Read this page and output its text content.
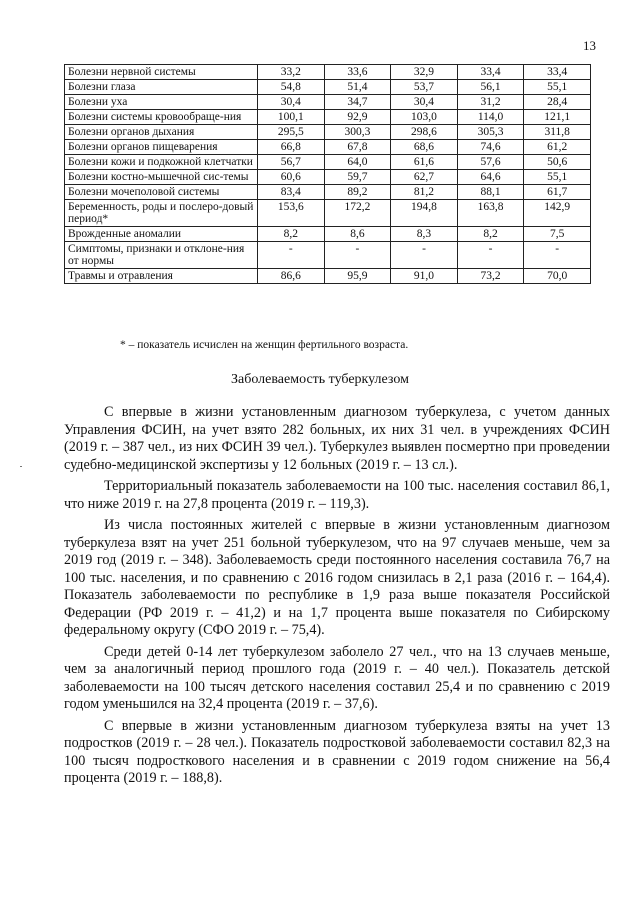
13
Болезни нервной системы	33,2	33,6	32,9	33,4	33,4
Болезни глаза	54,8	51,4	53,7	56,1	55,1
Болезни уха	30,4	34,7	30,4	31,2	28,4
Болезни системы кровообраще-ния	100,1	92,9	103,0	114,0	121,1
Болезни органов дыхания	295,5	300,3	298,6	305,3	311,8
Болезни органов пищеварения	66,8	67,8	68,6	74,6	61,2
Болезни кожи и подкожной клетчатки	56,7	64,0	61,6	57,6	50,6
Болезни костно-мышечной сис-темы	60,6	59,7	62,7	64,6	55,1
Болезни мочеполовой системы	83,4	89,2	81,2	88,1	61,7
Беременность, роды и послеро-довый период*	153,6	172,2	194,8	163,8	142,9
Врожденные аномалии	8,2	8,6	8,3	8,2	7,5
Симптомы, признаки и отклоне-ния от нормы	-	-	-	-	-
Травмы и отравления	86,6	95,9	91,0	73,2	70,0
* – показатель исчислен на женщин фертильного возраста.
Заболеваемость туберкулезом

С впервые в жизни установленным диагнозом туберкулеза, с учетом данных Управления ФСИН, на учет взято 282 больных, их них 31 чел. в учреждениях ФСИН (2019 г. – 387 чел., из них ФСИН 39 чел.). Туберкулез выявлен посмертно при проведении судебно-медицинской экспертизы у 12 больных (2019 г. – 13 сл.).

Территориальный показатель заболеваемости на 100 тыс. населения составил 86,1, что ниже 2019 г. на 27,8 процента (2019 г. – 119,3).

Из числа постоянных жителей с впервые в жизни установленным диагнозом туберкулеза взят на учет 251 больной туберкулезом, что на 97 случаев меньше, чем за 2019 год (2019 г. – 348). Заболеваемость среди постоянного населения составила 76,7 на 100 тыс. населения, и по сравнению с 2016 годом снизилась в 2,1 раза (2016 г. – 164,4). Показатель заболеваемости по республике в 1,9 раза выше показателя Российской Федерации (РФ 2019 г. – 41,2) и на 1,7 процента выше показателя по Сибирскому федеральному округу (СФО 2019 г. – 75,4).

Среди детей 0-14 лет туберкулезом заболело 27 чел., что на 13 случаев меньше, чем за аналогичный период прошлого года (2019 г. – 40 чел.). Показатель детской заболеваемости на 100 тысяч детского населения составил 25,4 и по сравнению с 2019 годом уменьшился на 32,4 процента (2019 г. – 37,6).

С впервые в жизни установленным диагнозом туберкулеза взяты на учет 13 подростков (2019 г. – 28 чел.). Показатель подростковой заболеваемости составил 82,3 на 100 тысяч подросткового населения и в сравнении с 2019 годом снижение на 56,4 процента (2019 г. – 188,8).
